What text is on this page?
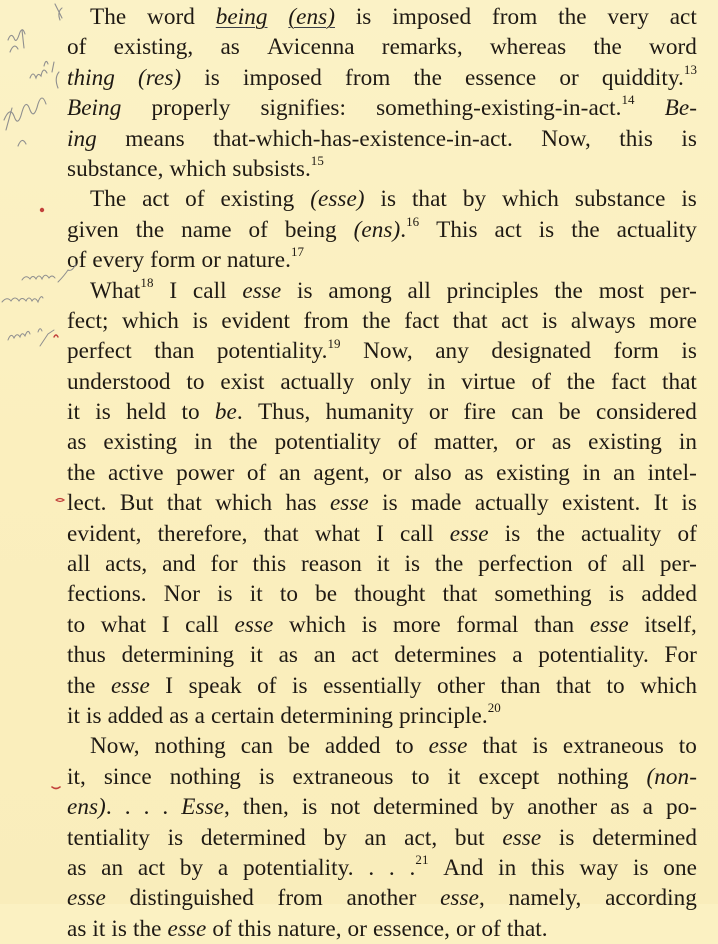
The word being (ens) is imposed from the very act
of existing, as Avicenna remarks, whereas the word
thing (res) is imposed from the essence or quiddity.$^{13}$
Being properly signifies: something-existing-in-act.$^{14}$ Be-
ing means that-which-has-existence-in-act. Now, this is
substance, which subsists.$^{15}$
The act of existing (esse) is that by which substance is
given the name of being (ens).$^{16}$ This act is the actuality
of every form or nature.$^{17}$
What$^{18}$ I call esse is among all principles the most per-
fect; which is evident from the fact that act is always more
perfect than potentiality.$^{19}$ Now, any designated form is
understood to exist actually only in virtue of the fact that
it is held to be. Thus, humanity or fire can be considered
as existing in the potentiality of matter, or as existing in
the active power of an agent, or also as existing in an intel-
lect. But that which has esse is made actually existent. It is
evident, therefore, that what I call esse is the actuality of
all acts, and for this reason it is the perfection of all per-
fections. Nor is it to be thought that something is added
to what I call esse which is more formal than esse itself,
thus determining it as an act determines a potentiality. For
the esse I speak of is essentially other than that to which
it is added as a certain determining principle.$^{20}$
Now, nothing can be added to esse that is extraneous to
it, since nothing is extraneous to it except nothing (non-
ens). . . . Esse, then, is not determined by another as a po-
tentiality is determined by an act, but esse is determined
as an act by a potentiality. . . .$^{21}$ And in this way is one
esse distinguished from another esse, namely, according
as it is the esse of this nature, or essence, or of that.
